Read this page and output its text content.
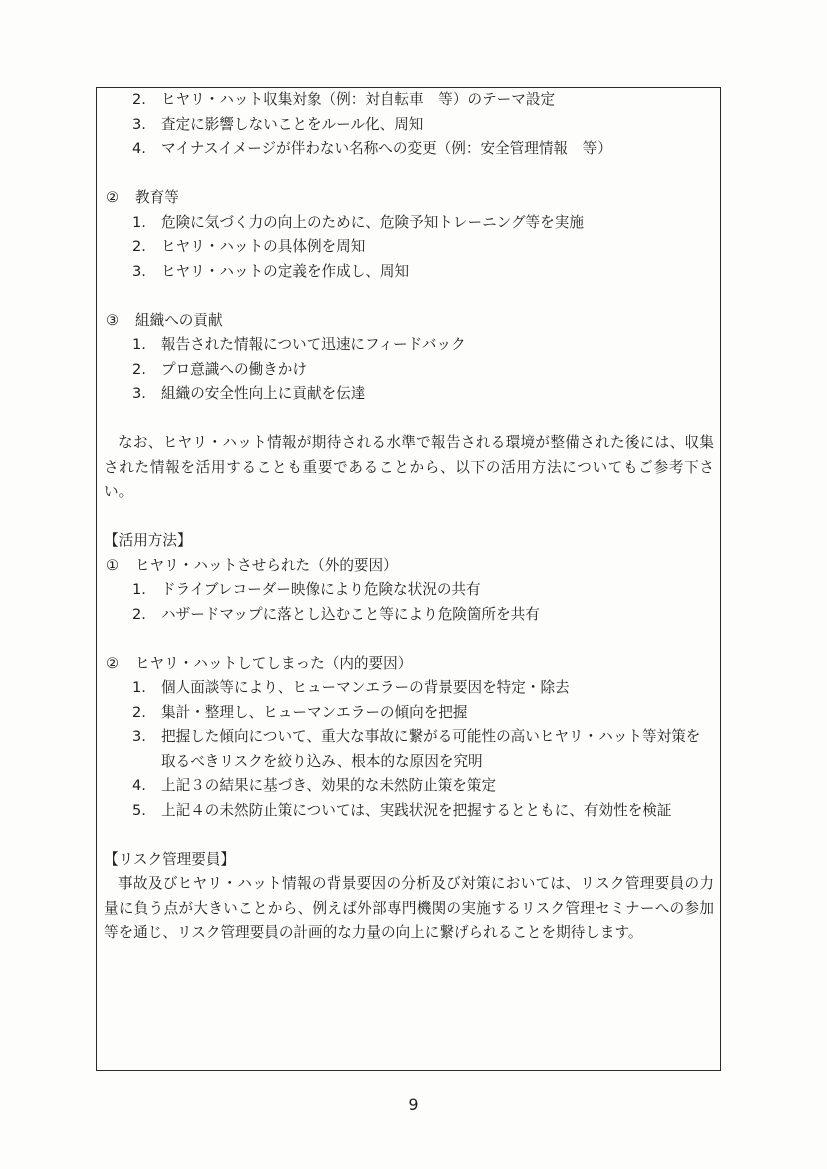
2.	ヒヤリ・ハット収集対象（例：対自転車　等）のテーマ設定
3.	査定に影響しないことをルール化、周知
4.	マイナスイメージが伴わない名称への変更（例：安全管理情報　等）
②	教育等
1.	危険に気づく力の向上のために、危険予知トレーニング等を実施
2.	ヒヤリ・ハットの具体例を周知
3.	ヒヤリ・ハットの定義を作成し、周知
③	組織への貢献
1.	報告された情報について迅速にフィードバック
2.	プロ意識への働きかけ
3.	組織の安全性向上に貢献を伝達

なお、ヒヤリ・ハット情報が期待される水準で報告される環境が整備された後には、収集された情報を活用することも重要であることから、以下の活用方法についてもご参考下さい。

【活用方法】
①	ヒヤリ・ハットさせられた（外的要因）
1.	ドライブレコーダー映像により危険な状況の共有
2.	ハザードマップに落とし込むこと等により危険箇所を共有
②	ヒヤリ・ハットしてしまった（内的要因）
1.	個人面談等により、ヒューマンエラーの背景要因を特定・除去
2.	集計・整理し、ヒューマンエラーの傾向を把握
3.	把握した傾向について、重大な事故に繋がる可能性の高いヒヤリ・ハット等対策を取るべきリスクを絞り込み、根本的な原因を究明
4.	上記３の結果に基づき、効果的な未然防止策を策定
5.	上記４の未然防止策については、実践状況を把握するとともに、有効性を検証
【リスク管理要員】

事故及びヒヤリ・ハット情報の背景要因の分析及び対策においては、リスク管理要員の力量に負う点が大きいことから、例えば外部専門機関の実施するリスク管理セミナーへの参加等を通じ、リスク管理要員の計画的な力量の向上に繋げられることを期待します。

9
